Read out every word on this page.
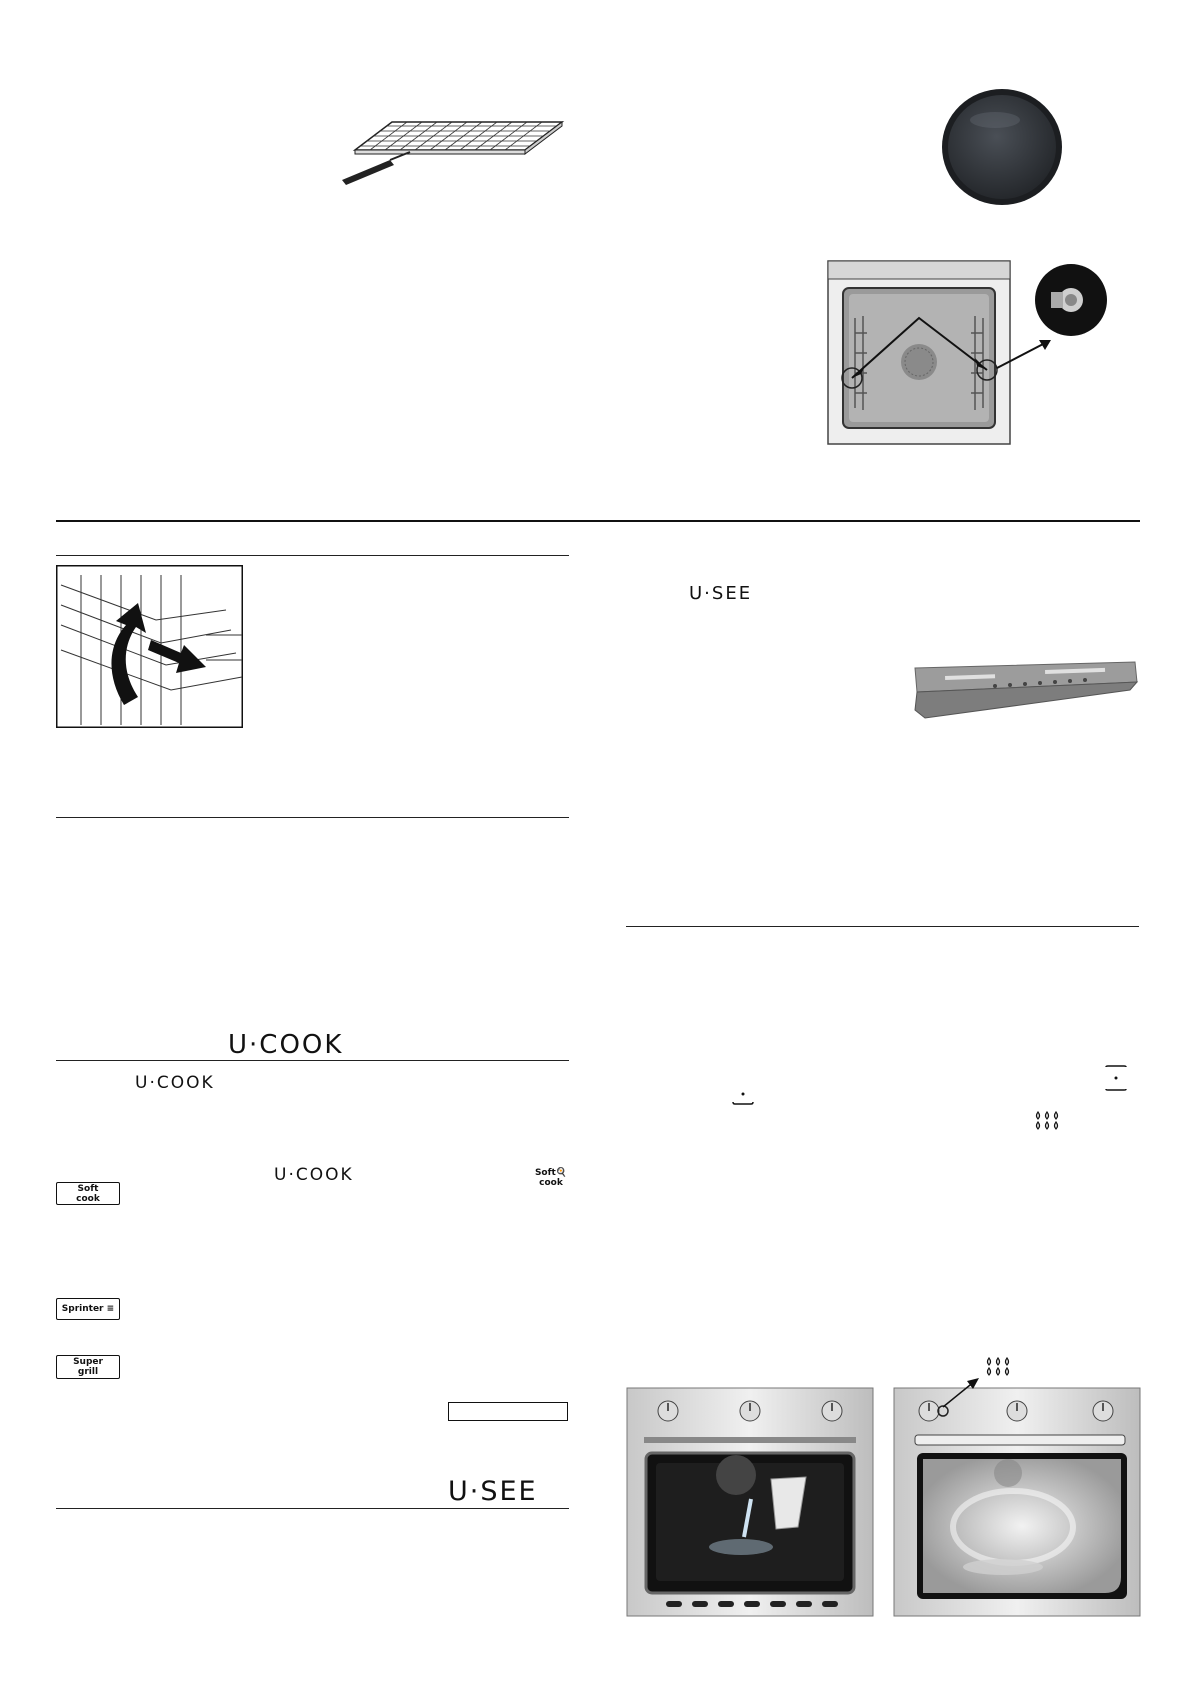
U·COOK
U·COOK
U·COOK	Soft🍳
cook
Soft
cook
Sprinter ≡
Super
grill
U·SEE
U·SEE
